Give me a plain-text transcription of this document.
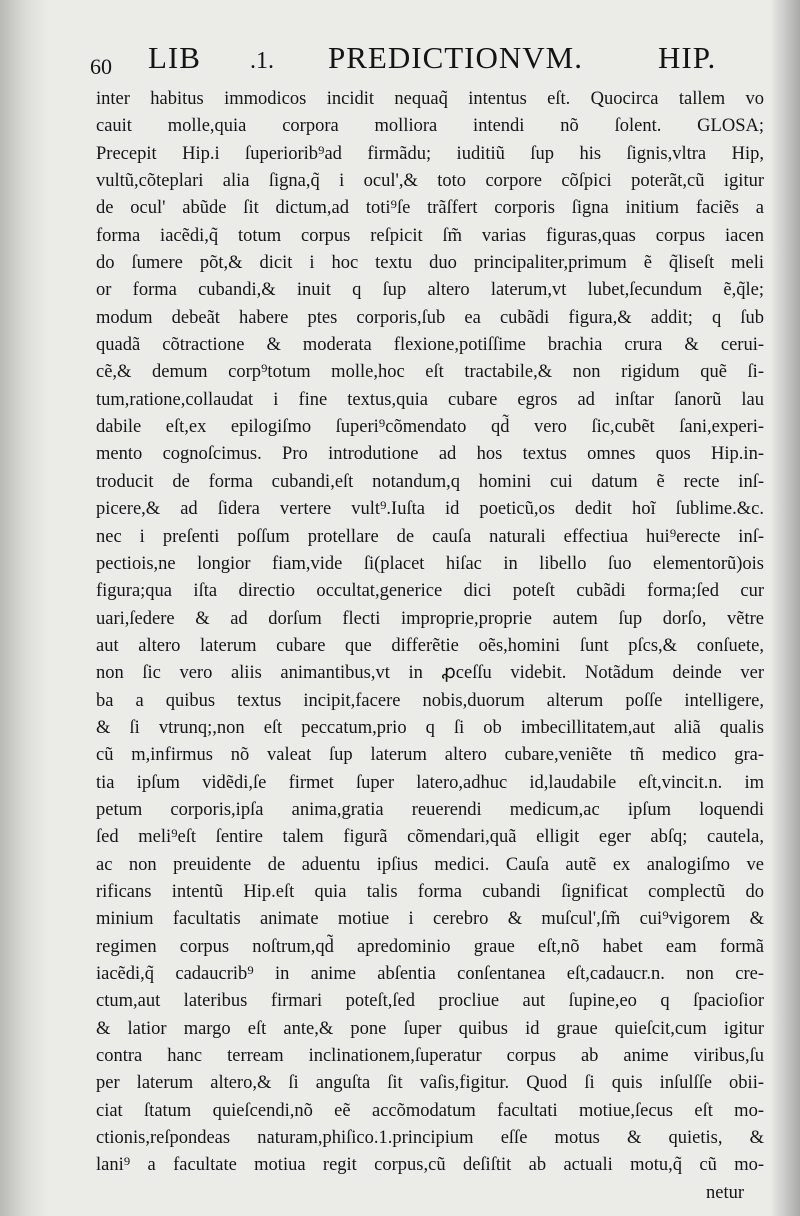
60 LIB .1. PREDICTIONVM. HIP.
inter habitus immodicos incidit nequaq̃ intentus eſt. Quocirca tallem vo
cauit molle,quia corpora molliora intendi nõ ſolent. GLOSA;
Precepit Hip.i ſuperiorib⁹ad firmãdu; iuditiũ ſup his ſignis,vltra Hip,
vultũ,cõteplari alia ſigna,q̃ i ocul',& toto corpore cõſpici poterãt,cũ igitur
de ocul' abũde ſit dictum,ad toti⁹ſe trãſfert corporis ſigna initium faciẽs a
forma iacẽdi,q̃ totum corpus reſpicit ſm̃ varias figuras,quas corpus iacen
do ſumere põt,& dicit i hoc textu duo principaliter,primum ẽ q̃liseſt meli
or forma cubandi,& inuit q ſup altero laterum,vt lubet,ſecundum ẽ,q̃le;
modum debeãt habere ptes corporis,ſub ea cubãdi figura,& addit; q ſub
quadã cõtractione & moderata flexione,potiſſime brachia crura & cerui-
cẽ,& demum corp⁹totum molle,hoc eſt tractabile,& non rigidum quẽ ſi-
tum,ratione,collaudat i fine textus,quia cubare egros ad inſtar ſanorũ lau
dabile eſt,ex epilogiſmo ſuperi⁹cõmendato qd̃ vero ſic,cubẽt ſani,experi-
mento cognoſcimus. Pro introdutione ad hos textus omnes quos Hip.in-
troducit de forma cubandi,eſt notandum,q homini cui datum ẽ recte inſ-
picere,& ad ſidera vertere vult⁹.Iuſta id poeticũ,os dedit hoĩ ſublime.&c.
nec i preſenti poſſum protellare de cauſa naturali effectiua hui⁹erecte inſ-
pectiois,ne longior fiam,vide ſi(placet hiſac in libello ſuo elementorũ)ois
figura;qua iſta directio occultat,generice dici poteſt cubãdi forma;ſed cur
uari,ſedere & ad dorſum flecti improprie,proprie autem ſup dorſo, vẽtre
aut altero laterum cubare que differẽtie oẽs,homini ſunt pſcs,& conſuete,
non ſic vero aliis animantibus,vt in ꝓceſſu videbit. Notãdum deinde ver
ba a quibus textus incipit,facere nobis,duorum alterum poſſe intelligere,
& ſi vtrunq;,non eſt peccatum,prio q ſi ob imbecillitatem,aut aliã qualis
cũ m,infirmus nõ valeat ſup laterum altero cubare,veniẽte tñ medico gra-
tia ipſum vidẽdi,ſe firmet ſuper latero,adhuc id,laudabile eſt,vincit.n. im
petum corporis,ipſa anima,gratia reuerendi medicum,ac ipſum loquendi
ſed meli⁹eſt ſentire talem figurã cõmendari,quã elligit eger abſq; cautela,
ac non preuidente de aduentu ipſius medici. Cauſa autẽ ex analogiſmo ve
rificans intentũ Hip.eſt quia talis forma cubandi ſignificat complectũ do
minium facultatis animate motiue i cerebro & muſcul',ſm̃ cui⁹vigorem &
regimen corpus noſtrum,qd̃ apredominio graue eſt,nõ habet eam formã
iacẽdi,q̃ cadaucrib⁹ in anime abſentia conſentanea eſt,cadaucr.n. non cre-
ctum,aut lateribus firmari poteſt,ſed procliue aut ſupine,eo q ſpacioſior
& latior margo eſt ante,& pone ſuper quibus id graue quieſcit,cum igitur
contra hanc terream inclinationem,ſuperatur corpus ab anime viribus,ſu
per laterum altero,& ſi anguſta ſit vaſis,figitur. Quod ſi quis inſulſſe obii-
ciat ſtatum quieſcendi,nõ eẽ accõmodatum facultati motiue,ſecus eſt mo-
ctionis,reſpondeas naturam,phiſico.1.principium eſſe motus & quietis, &
lani⁹ a facultate motiua regit corpus,cũ deſiſtit ab actuali motu,q̃ cũ mo-
netur
